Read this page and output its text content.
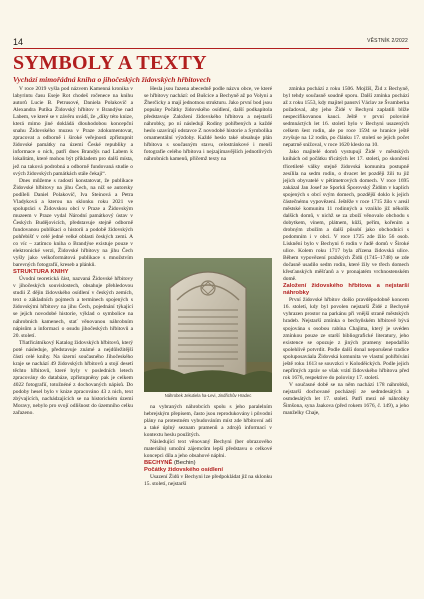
14	VĚSTNÍK 2/2022
SYMBOLY A TEXTY
Vychází mimořádná kniha o jihočeských židovských hřbitovech

V roce 2019 vyšla pod názvem Kamenná kronika v labyrintu času Eseje Rot chodeš ročenece na knihu autorů Lucie B. Petrusové, Daniela Polakovič a Alexandra Putíka Židovský hřbitov v Brandýse nad Labem, ve které se v závěru uvádí, že „díky této knize, která mimo jiné dokládá dlouhodobou koncepční snahu Židovského muzea v Praze zdokumentovat, zpracovat a odborně i široké veřejnosti zpřístupnit židovské památky na území České republiky a informace o nich, patří dnes Brandýs nad Labem k lokalitám, které mohou být příkladem pro další místa, jež na taková podrobná a odborně fundovaná studie o svých židovských památkách stále čekají“.

Dnes můžeme s radostí konstatovat, že publikace Židovské hřbitovy na jihu Čech, na níž se autorsky podíleli Daniel Polakovič, Iva Steinová a Petra Vladyková a kterou na sklonku roku 2021 ve spolupráci s Židovskou obcí v Praze a Židovským muzeem v Praze vydal Národní památkový ústav v Českých Budějovicích, představuje stejně odborně fundovanou publikaci o historii a podobě židovských pohřebišť v celé jedné velké oblasti českých zemí. A co víc – zatímco kniha o Brandýse existuje pouze v elektronické verzi, Židovské hřbitovy na jihu Čech vyšly jako velkoformátová publikace s množstvím barevných fotografií, kreseb a plánků.

STRUKTURA KNIHY

Úvodní teoretická část, nazvaná Židovské hřbitovy v jihočeských souvislostech, obsahuje přehledovou studii Z dějin židovského osídlení v českých zemích, text o základních pojmech a termínech spojených s židovskými hřbitovy na jihu Čech, pojednání týkající se jejich novodobé historie, výklad o symbolice na náhrobních kamenech, stať věnovanou náhrobním nápisům a informaci o osudu jihočeských hřbitovů a 20. století.

Třiatřicátníkový Katalog židovských hřbitovů, který poté následuje, představuje známé a nejdůležitější části celé knihy. Na úzerní současného Jihočeského kraje se nachází 49 židovských hřbitovů a stojí desetí těchto hřbitovů, které byly v posledních letech zpracovány do databáze, zpřístupněny pak je celkem 4022 fotografií, totožnéné z dochovaných nápisů. Do podoby hesel bylo v knize zpracováno 43 z nich, text zbývajících, nachádzajících se na historickém území Moravy, nebylo pro svojí odlišnost do územního celku zařazeno.

Hesla jsou řazena abecedně podle názvu obce, ve které se hřbitovy nachází: od Bušcice a Bechyně až po Volyni a Žherčicky a mají jednotnou strukturu. Jako první bod jsou popsány Počátky židovského osídlení, další podkapitola představuje Založení židovského hřbitova a nejstarší náhrobky, po ní následují Rodiny pohřbených a každé heslo uzavírají odstavce Z novodobé historie a Symbolika ornamentální výzdoby. Každé heslo také obsahuje plán hřbitova s současným stavu, celostránkové i menší fotografie celého hřbitova i nejzajímavějších jednotlivých náhrobních kamenů, přičemž texty na

Náhrobek Jekutiela ha-Levi, Jindřichův Hradec

na vybraných náhrobcích spolu s jeho paralelním hebrejským přepisem, často jsou reprodukovány i původní plány na protestném vybudováním míst zde hřbitovní adí a také úplný seznam pramenů a zdrojů informací v kontextu heslu použitých.

Následující text věnovaný Bechyni (ber obrazového materiálu) umožní zájemcům lepší představu o celkové koncepci díla a jeho obsahové náplni.

BECHYNĚ (Bechin)

Počátky židovského osídlení

Usazení Židů v Bechyni lze předpokládat již na sklonku 15. století, nejstarší

zmínka pochází z roku 1506. Mojžíš, Žid z Bechyně, byl tehdy současně soudně sporu. Další zmínka pochází až z roku 1553, kdy majitel panství Václav ze Švamberka požadoval, aby jeho Židé v Bechyni zaplatili blíže nespecifikovanou kauci. Ještě v první polovině sedmnáctých let 16. století bylo v Bechyni usazených celkem šest rodin, ale po roce 1594 se hranice ještě zvyšuje na 12 rodin, po článku 17. století se jejich počet nepatrně snižoval, v roce 1620 kleslo na 10.

Jako majitelé domů vystupují Židé v městských knihách od počátku třicátých let 17. století, po skončení třicetileté války stejně židovská komunita postupně zesílila na sedm rodin, o dvacet let později žili tu již jejich obyvatelé v pětimetrových domech. V roce 1695 zakázal Jan Josef ze Sporků Šporovský Židům v kaplích spojených s obcí svým domech, pozdější doklo k jejich částečnému vypovězení. Ještěže v roce 1715 žilo v areál městské komunitu 11 rodinných a vzniklo již několik dalších domů, v nichž se za zboží věnovalo obchodu s dobytkem, vínem, plátnem, kůží, peřím, kořením a drobným zbožím a další působí jako obchodníci s podomním i v obci. V roce 1725 zde žilo 56 osob. Lisknění bylo v Bechyni 6 rodin v řadě domů v Široké ulice. Kolem roku 1717 byla zřízena židovská ulice. Během vypovězení pražských Židů (1745–1748) se zde dočasně usadilo sedm rodin, které žily ve třech domech křesťanských měšťanů a v pronajatém vrchnostenském domě.

Založení židovského hřbitova a nejstarší náhrobky

První židovské hřbitov dolšo pravděpodobně koncem 16. století, kdy byl povolen nejstarší Židé z Bechyně vyhrazen prostor na parkánu při vnější straně městských hradeb. Nejstarší zmínka o bechyňském hřbitově bývá spojována s osobou rabína Chajima, který je uvéden zmínkou pouze ze starší bibliografické literatury, jeho existence se opozuje z jiných prameny nepodařilo spolehlivě potvrdit. Podle další donal neporušené tradice spoluposaváala Židovská komunita ve vlastní pohřbívání ještě roku 1613 se souvzkci v Koloděických. Podle jejich nepřímých zpráv se však vrátí židovského hřbitova před rok 1676, respektive do poloviny 17. století.

V současné době se na něm nachází 178 náhrobků, nejstarší dochované pocházejí ze sedmdesátých a osmdesátých let 17. století. Patří mezi ně náhrobky Šimšona, syna Jaakova (před rokem 1676, č. 149), a jeho manželky Chaje,
